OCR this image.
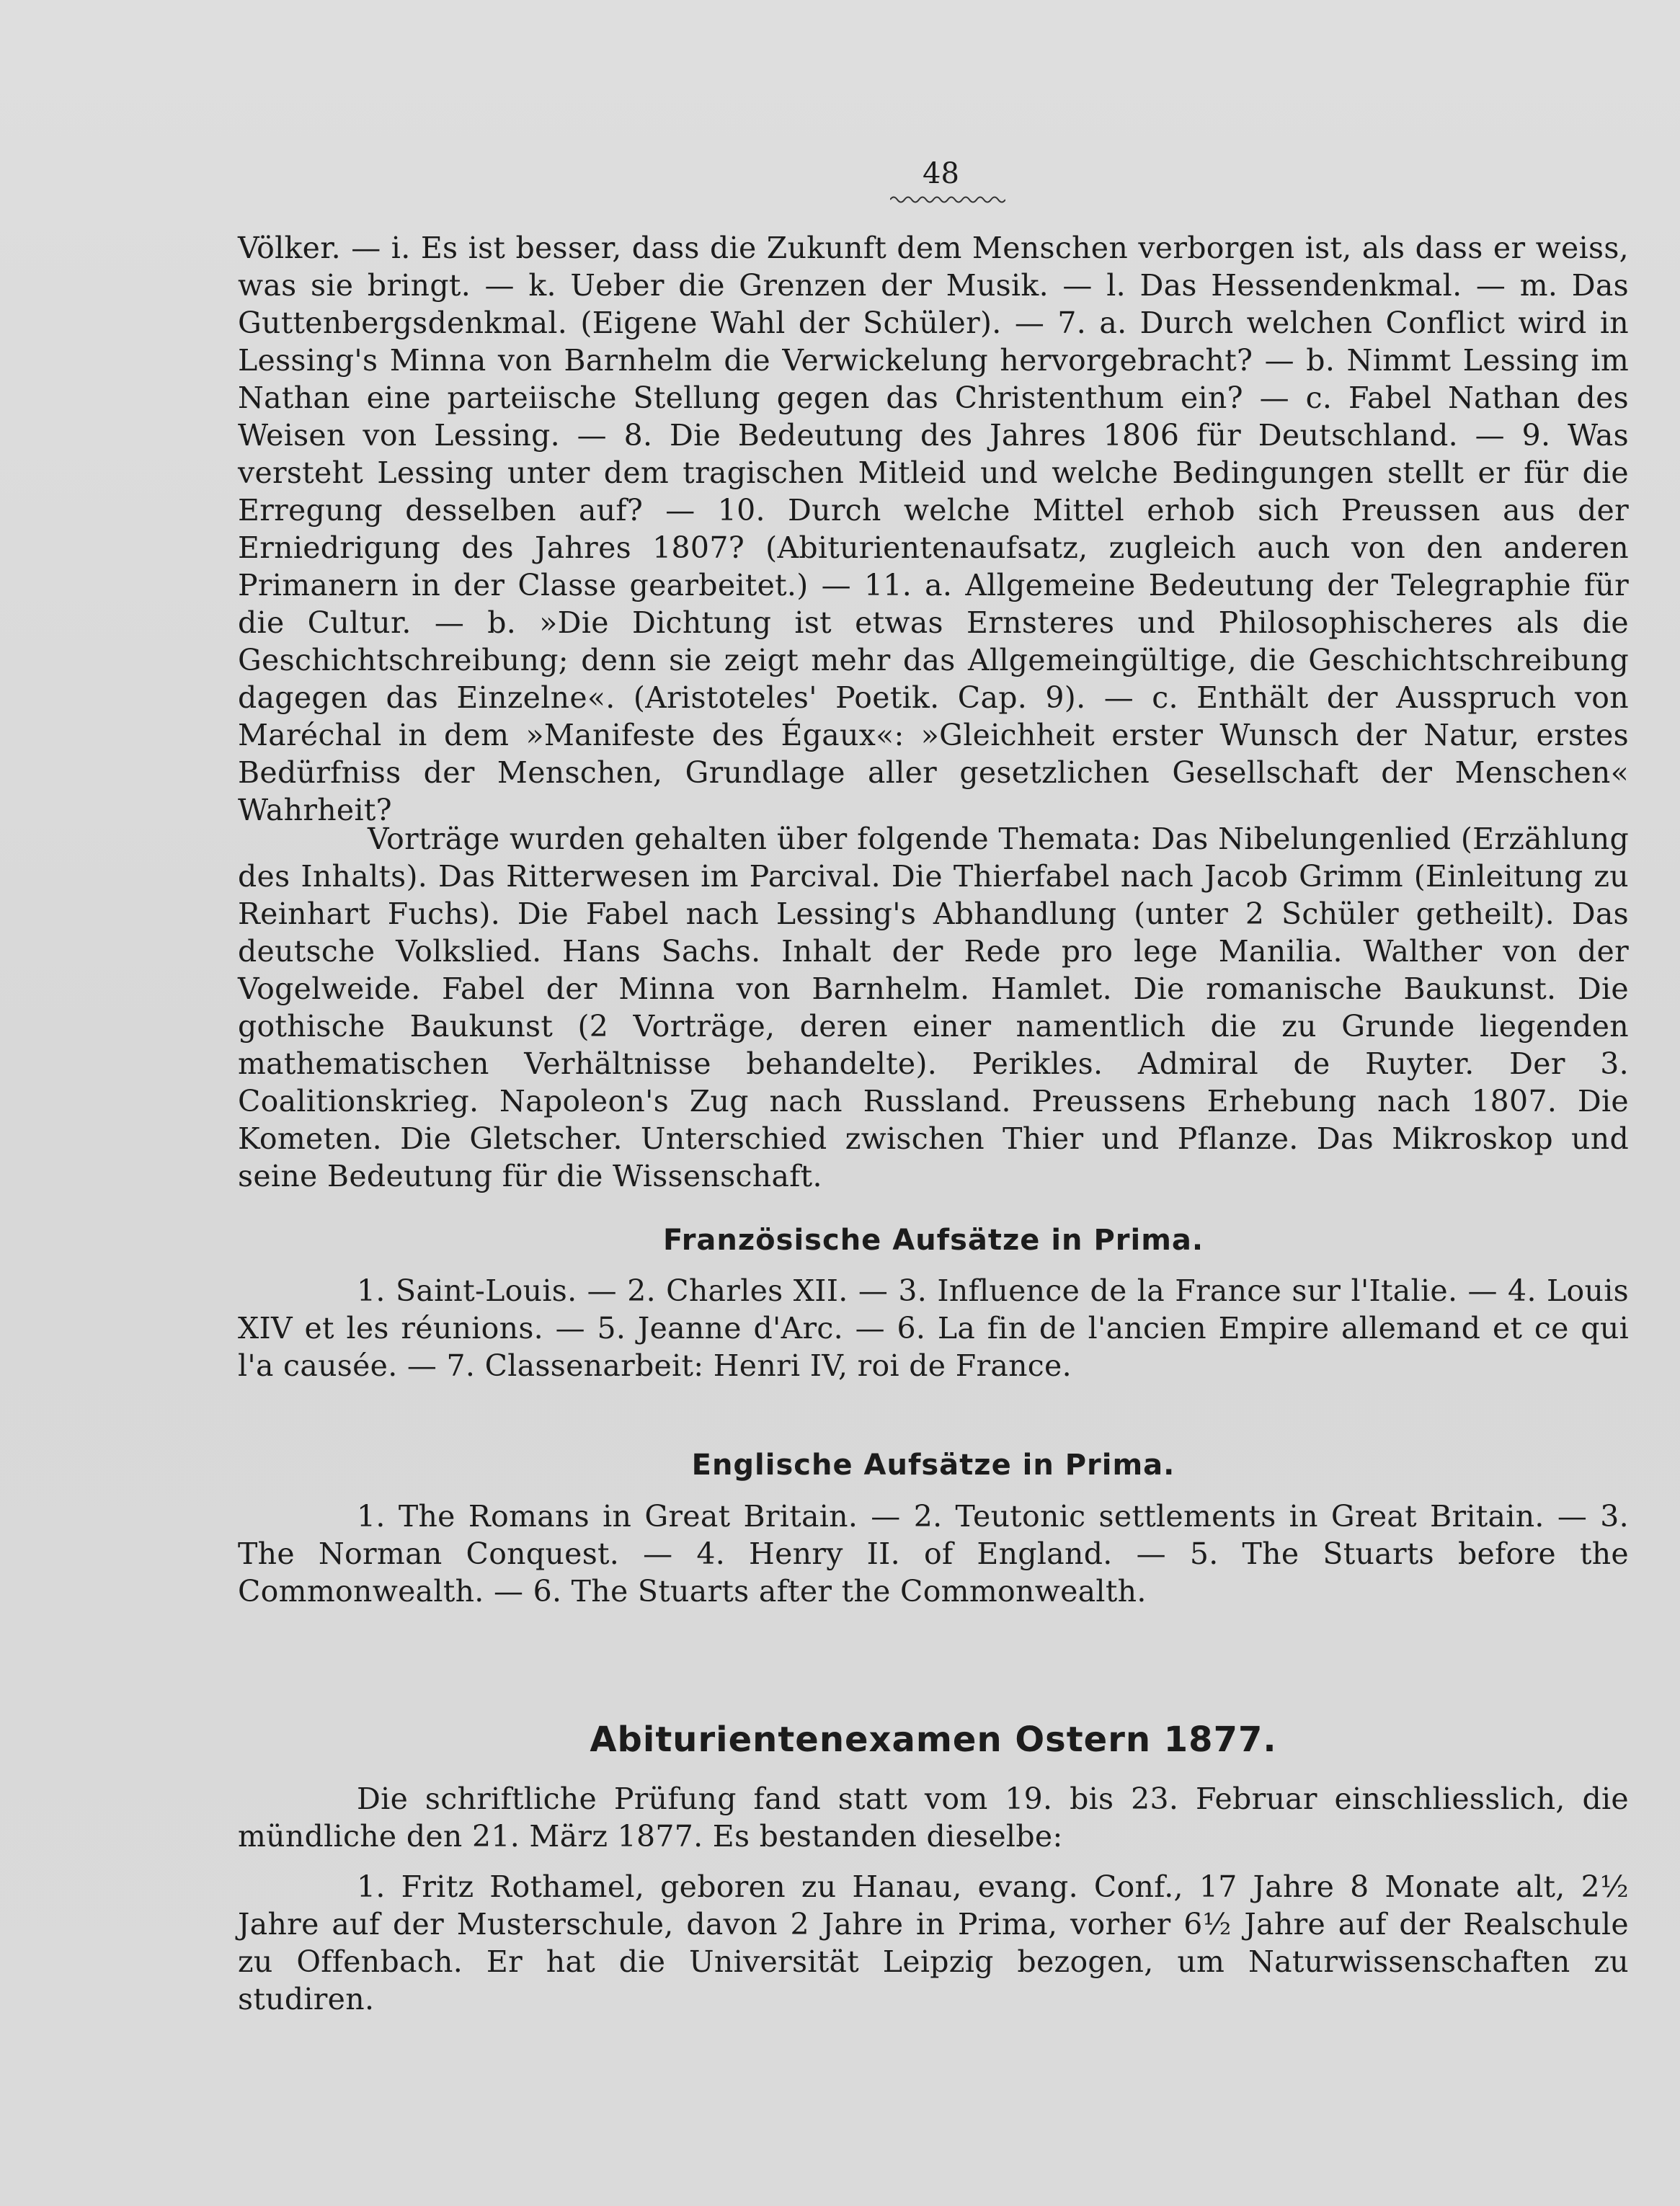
48

Völker. — i. Es ist besser, dass die Zukunft dem Menschen verborgen ist, als dass er weiss, was sie bringt. — k. Ueber die Grenzen der Musik. — l. Das Hessendenkmal. — m. Das Guttenbergsdenkmal. (Eigene Wahl der Schüler). — 7. a. Durch welchen Conflict wird in Lessing's Minna von Barnhelm die Verwickelung hervorgebracht? — b. Nimmt Lessing im Nathan eine parteiische Stellung gegen das Christenthum ein? — c. Fabel Nathan des Weisen von Lessing. — 8. Die Bedeutung des Jahres 1806 für Deutschland. — 9. Was versteht Lessing unter dem tragischen Mitleid und welche Bedingungen stellt er für die Erregung desselben auf? — 10. Durch welche Mittel erhob sich Preussen aus der Erniedrigung des Jahres 1807? (Abiturientenaufsatz, zugleich auch von den anderen Primanern in der Classe gearbeitet.) — 11. a. Allgemeine Bedeutung der Telegraphie für die Cultur. — b. »Die Dichtung ist etwas Ernsteres und Philosophischeres als die Geschichtschreibung; denn sie zeigt mehr das Allgemeingültige, die Geschichtschreibung dagegen das Einzelne«. (Aristoteles' Poetik. Cap. 9). — c. Enthält der Ausspruch von Maréchal in dem »Manifeste des Égaux«: »Gleichheit erster Wunsch der Natur, erstes Bedürfniss der Menschen, Grundlage aller gesetzlichen Gesellschaft der Menschen« Wahrheit?

Vorträge wurden gehalten über folgende Themata: Das Nibelungenlied (Erzählung des Inhalts). Das Ritterwesen im Parcival. Die Thierfabel nach Jacob Grimm (Einleitung zu Reinhart Fuchs). Die Fabel nach Lessing's Abhandlung (unter 2 Schüler getheilt). Das deutsche Volkslied. Hans Sachs. Inhalt der Rede pro lege Manilia. Walther von der Vogelweide. Fabel der Minna von Barnhelm. Hamlet. Die romanische Baukunst. Die gothische Baukunst (2 Vorträge, deren einer namentlich die zu Grunde liegenden mathematischen Verhältnisse behandelte). Perikles. Admiral de Ruyter. Der 3. Coalitionskrieg. Napoleon's Zug nach Russland. Preussens Erhebung nach 1807. Die Kometen. Die Gletscher. Unterschied zwischen Thier und Pflanze. Das Mikroskop und seine Bedeutung für die Wissenschaft.

Französische Aufsätze in Prima.

1. Saint-Louis. — 2. Charles XII. — 3. Influence de la France sur l'Italie. — 4. Louis XIV et les réunions. — 5. Jeanne d'Arc. — 6. La fin de l'ancien Empire allemand et ce qui l'a causée. — 7. Classenarbeit: Henri IV, roi de France.

Englische Aufsätze in Prima.

1. The Romans in Great Britain. — 2. Teutonic settlements in Great Britain. — 3. The Norman Conquest. — 4. Henry II. of England. — 5. The Stuarts before the Commonwealth. — 6. The Stuarts after the Commonwealth.

Abiturientenexamen Ostern 1877.

Die schriftliche Prüfung fand statt vom 19. bis 23. Februar einschliesslich, die mündliche den 21. März 1877. Es bestanden dieselbe:

1. Fritz Rothamel, geboren zu Hanau, evang. Conf., 17 Jahre 8 Monate alt, 2½ Jahre auf der Musterschule, davon 2 Jahre in Prima, vorher 6½ Jahre auf der Realschule zu Offenbach. Er hat die Universität Leipzig bezogen, um Naturwissenschaften zu studiren.
